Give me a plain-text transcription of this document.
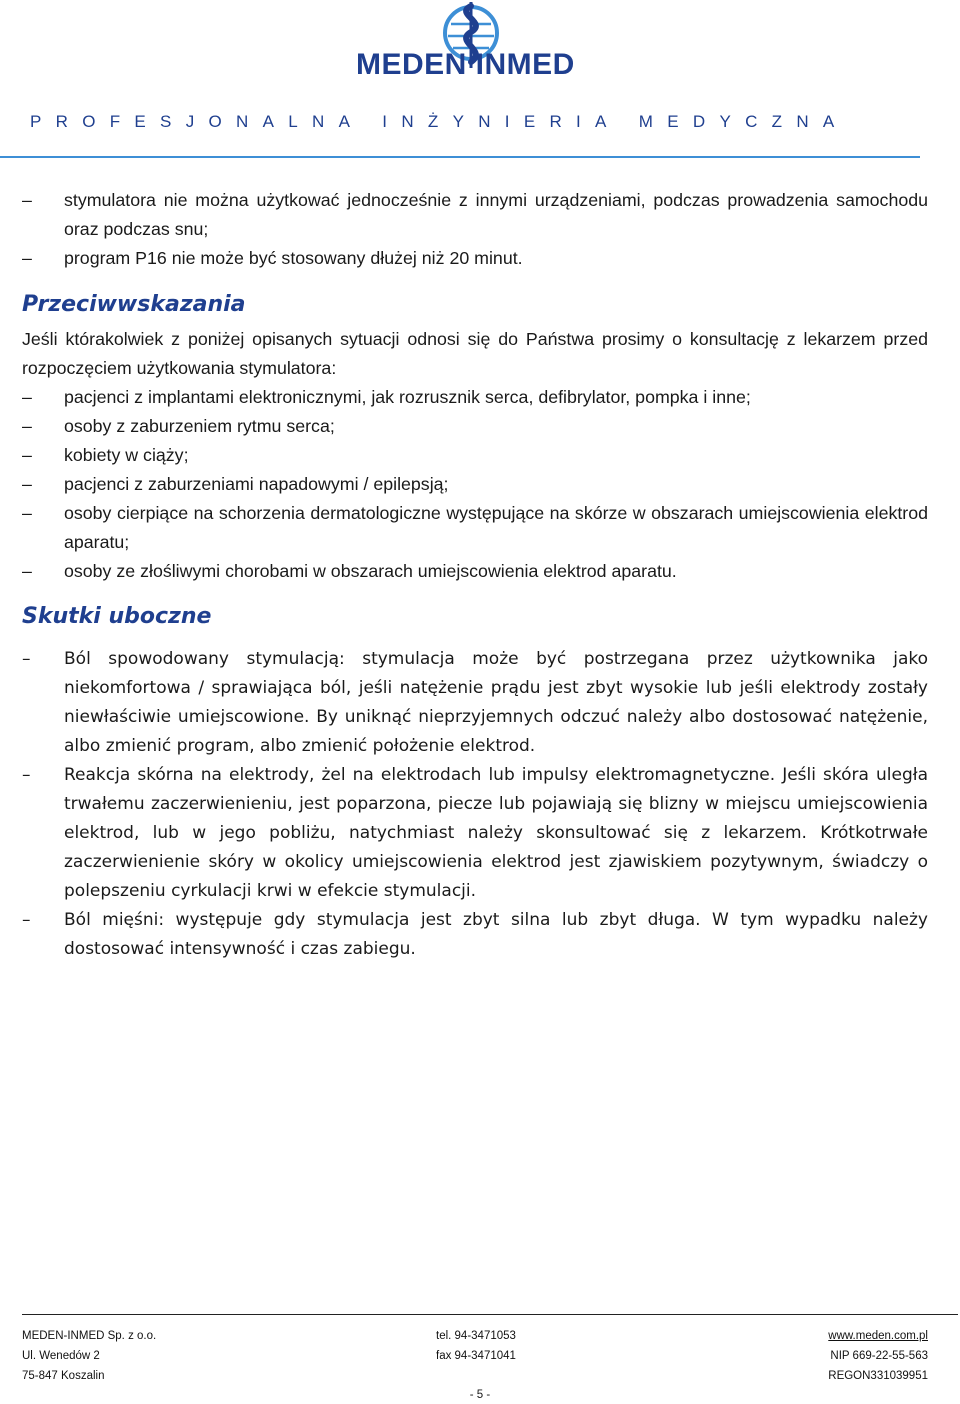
MEDEN INMED
PROFESJONALNA INŻYNIERIA MEDYCZNA
–	stymulatora nie można użytkować jednocześnie z innymi urządzeniami, podczas prowadzenia samochodu oraz podczas snu;
–	program P16 nie może być stosowany dłużej niż 20 minut.

Przeciwwskazania

Jeśli którakolwiek z poniżej opisanych sytuacji odnosi się do Państwa prosimy o konsultację z lekarzem przed rozpoczęciem użytkowania stymulatora:

–	pacjenci z implantami elektronicznymi, jak rozrusznik serca, defibrylator, pompka i inne;
–	osoby z zaburzeniem rytmu serca;
–	kobiety w ciąży;
–	pacjenci z zaburzeniami napadowymi / epilepsją;
–	osoby cierpiące na schorzenia dermatologiczne występujące na skórze w obszarach umiejscowienia elektrod aparatu;
–	osoby ze złośliwymi chorobami w obszarach umiejscowienia elektrod aparatu.

Skutki uboczne

–	Ból spowodowany stymulacją: stymulacja może być postrzegana przez użytkownika jako niekomfortowa / sprawiająca ból, jeśli natężenie prądu jest zbyt wysokie lub jeśli elektrody zostały niewłaściwie umiejscowione. By uniknąć nieprzyjemnych odczuć należy albo dostosować natężenie, albo zmienić program, albo zmienić położenie elektrod.
–	Reakcja skórna na elektrody, żel na elektrodach lub impulsy elektromagnetyczne. Jeśli skóra uległa trwałemu zaczerwienieniu, jest poparzona, piecze lub pojawiają się blizny w miejscu umiejscowienia elektrod, lub w jego pobliżu, natychmiast należy skonsultować się z lekarzem. Krótkotrwałe zaczerwienienie skóry w okolicy umiejscowienia elektrod jest zjawiskiem pozytywnym, świadczy o polepszeniu cyrkulacji krwi w efekcie stymulacji.
–	Ból mięśni: występuje gdy stymulacja jest zbyt silna lub zbyt długa. W tym wypadku należy dostosować intensywność i czas zabiegu.
MEDEN-INMED Sp. z o.o.
Ul. Wenedów 2
75-847 Koszalin
tel. 94-3471053
fax 94-3471041
www.meden.com.pl
NIP 669-22-55-563
REGON331039951
- 5 -
